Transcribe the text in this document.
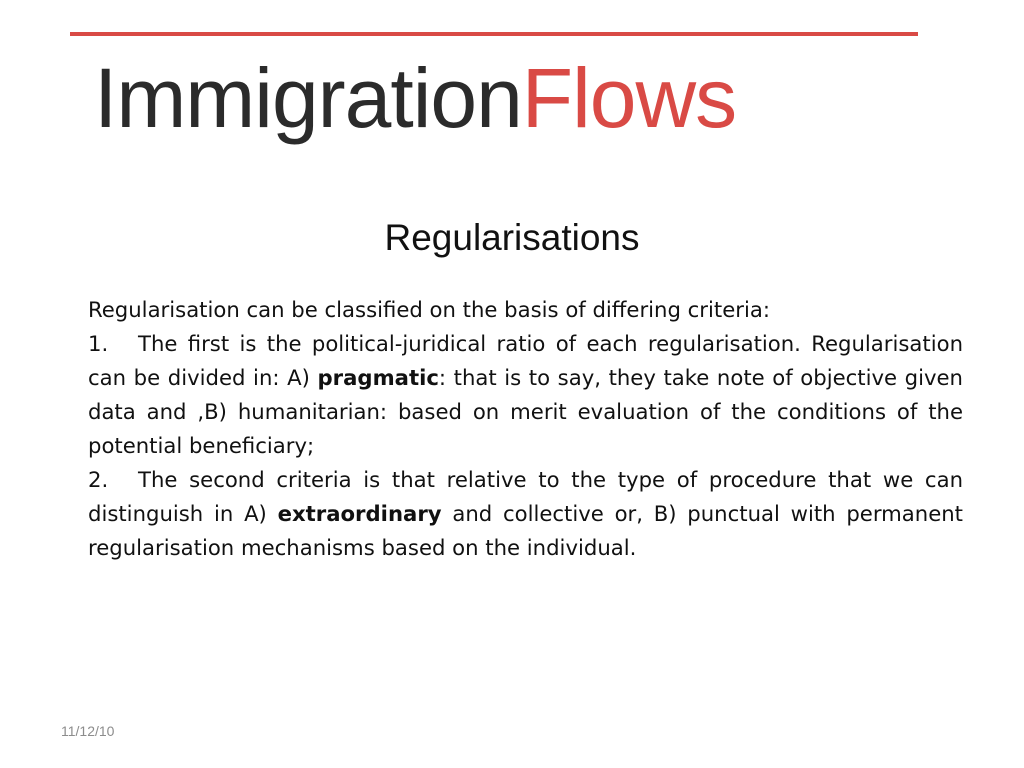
ImmigrationFlows
Regularisations

Regularisation can be classified on the basis of differing criteria:

1. The first is the political-juridical ratio of each regularisation. Regularisation can be divided in: A) pragmatic: that is to say, they take note of objective given data and ,B) humanitarian: based on merit evaluation of the conditions of the potential beneficiary;

2. The second criteria is that relative to the type of procedure that we can distinguish in A) extraordinary and collective or, B) punctual with permanent regularisation mechanisms based on the individual.

11/12/10
